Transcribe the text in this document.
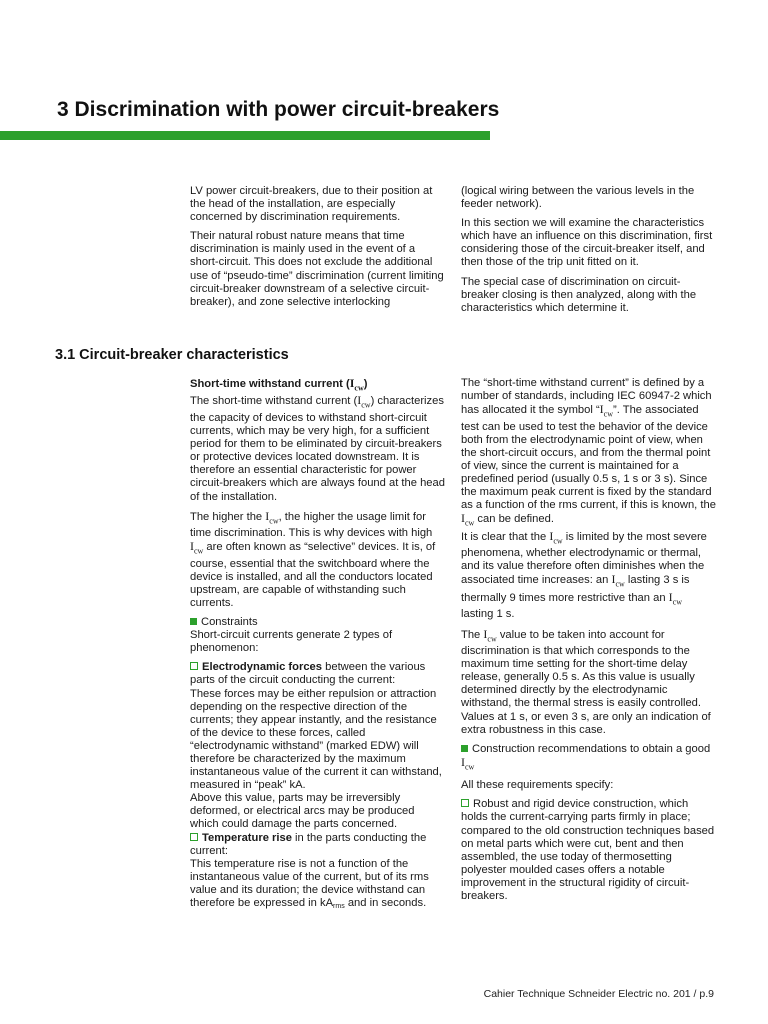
3 Discrimination with power circuit-breakers

LV power circuit-breakers, due to their position at the head of the installation, are especially concerned by discrimination requirements.

Their natural robust nature means that time discrimination is mainly used in the event of a short-circuit. This does not exclude the additional use of “pseudo-time” discrimination (current limiting circuit-breaker downstream of a selective circuit-breaker), and zone selective interlocking

(logical wiring between the various levels in the feeder network).

In this section we will examine the characteristics which have an influence on this discrimination, first considering those of the circuit-breaker itself, and then those of the trip unit fitted on it.

The special case of discrimination on circuit-breaker closing is then analyzed, along with the characteristics which determine it.

3.1 Circuit-breaker characteristics

Short-time withstand current $(I_{cw})$

The short-time withstand current $(I_{cw})$ characterizes the capacity of devices to withstand short-circuit currents, which may be very high, for a sufficient period for them to be eliminated by circuit-breakers or protective devices located downstream. It is therefore an essential characteristic for power circuit-breakers which are always found at the head of the installation.

The higher the $I_{cw}$, the higher the usage limit for time discrimination. This is why devices with high $I_{cw}$ are often known as “selective” devices. It is, of course, essential that the switchboard where the device is installed, and all the conductors located upstream, are capable of withstanding such currents.

Constraints

Short-circuit currents generate 2 types of phenomenon:

Electrodynamic forces between the various parts of the circuit conducting the current:

These forces may be either repulsion or attraction depending on the respective direction of the currents; they appear instantly, and the resistance of the device to these forces, called “electrodynamic withstand” (marked EDW) will therefore be characterized by the maximum instantaneous value of the current it can withstand, measured in “peak” kA.

Above this value, parts may be irreversibly deformed, or electrical arcs may be produced which could damage the parts concerned.

Temperature rise in the parts conducting the current:

This temperature rise is not a function of the instantaneous value of the current, but of its rms value and its duration; the device withstand can therefore be expressed in kArms and in seconds.

The “short-time withstand current” is defined by a number of standards, including IEC 60947-2 which has allocated it the symbol “$I_{cw}$”. The associated test can be used to test the behavior of the device both from the electrodynamic point of view, when the short-circuit occurs, and from the thermal point of view, since the current is maintained for a predefined period (usually 0.5 s, 1 s or 3 s). Since the maximum peak current is fixed by the standard as a function of the rms current, if this is known, the $I_{cw}$ can be defined.

It is clear that the $I_{cw}$ is limited by the most severe phenomena, whether electrodynamic or thermal, and its value therefore often diminishes when the associated time increases: an $I_{cw}$ lasting 3 s is thermally 9 times more restrictive than an $I_{cw}$ lasting 1 s.

The $I_{cw}$ value to be taken into account for discrimination is that which corresponds to the maximum time setting for the short-time delay release, generally 0.5 s. As this value is usually determined directly by the electrodynamic withstand, the thermal stress is easily controlled. Values at 1 s, or even 3 s, are only an indication of extra robustness in this case.

Construction recommendations to obtain a good $I_{cw}$

All these requirements specify:

Robust and rigid device construction, which holds the current-carrying parts firmly in place; compared to the old construction techniques based on metal parts which were cut, bent and then assembled, the use today of thermosetting polyester moulded cases offers a notable improvement in the structural rigidity of circuit-breakers.

Cahier Technique Schneider Electric no. 201 / p.9
